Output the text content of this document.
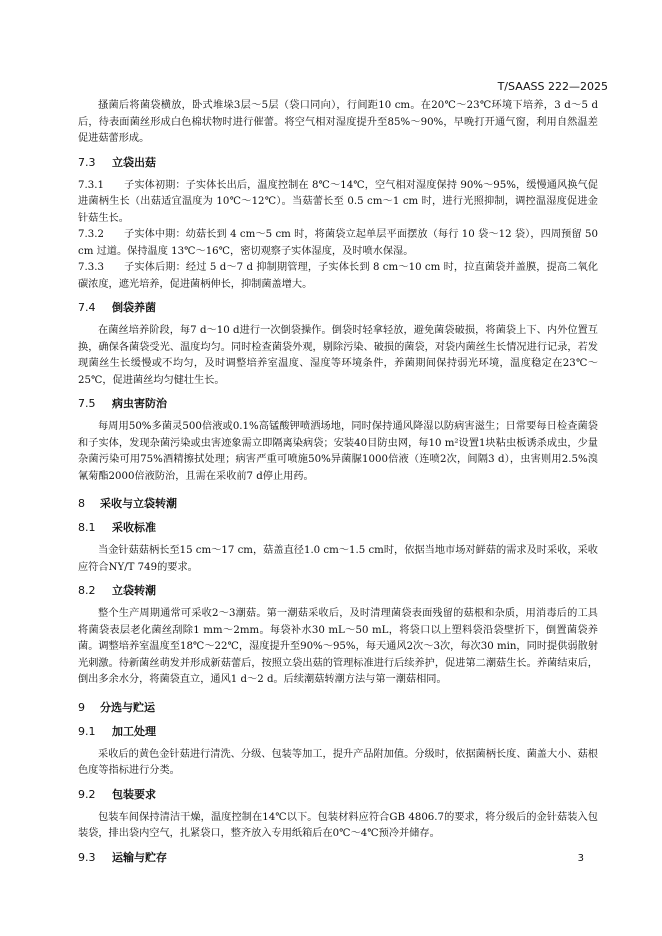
T/SAASS 222—2025

搔菌后将菌袋横放，卧式堆垛3层～5层（袋口同向），行间距10 cm。在20℃～23℃环境下培养，3 d～5 d后，待表面菌丝形成白色棉状物时进行催蕾。将空气相对湿度提升至85%～90%，早晚打开通气窗，利用自然温差促进菇蕾形成。

7.3 立袋出菇

7.3.1 子实体初期：子实体长出后，温度控制在 8℃～14℃，空气相对湿度保持 90%～95%，缓慢通风换气促进菌柄生长（出菇适宜温度为 10℃～12℃）。当菇蕾长至 0.5 cm～1 cm 时，进行光照抑制，调控温湿度促进金针菇生长。

7.3.2 子实体中期：幼菇长到 4 cm～5 cm 时，将菌袋立起单层平面摆放（每行 10 袋～12 袋），四周预留 50 cm 过道。保持温度 13℃～16℃，密切观察子实体湿度，及时喷水保湿。

7.3.3 子实体后期：经过 5 d～7 d 抑制期管理，子实体长到 8 cm～10 cm 时，拉直菌袋并盖膜，提高二氧化碳浓度，遮光培养，促进菌柄伸长，抑制菌盖增大。

7.4 倒袋养菌

在菌丝培养阶段，每7 d～10 d进行一次倒袋操作。倒袋时轻拿轻放，避免菌袋破损，将菌袋上下、内外位置互换，确保各菌袋受光、温度均匀。同时检查菌袋外观，剔除污染、破损的菌袋，对袋内菌丝生长情况进行记录，若发现菌丝生长缓慢或不均匀，及时调整培养室温度、湿度等环境条件，养菌期间保持弱光环境，温度稳定在23℃～25℃，促进菌丝均匀健壮生长。

7.5 病虫害防治

每周用50%多菌灵500倍液或0.1%高锰酸钾喷洒场地，同时保持通风降湿以防病害滋生；日常要每日检查菌袋和子实体，发现杂菌污染或虫害迹象需立即隔离染病袋；安装40目防虫网，每10 m²设置1块粘虫板诱杀成虫，少量杂菌污染可用75%酒精擦拭处理；病害严重可喷施50%异菌脲1000倍液（连喷2次，间隔3 d），虫害则用2.5%溴氰菊酯2000倍液防治，且需在采收前7 d停止用药。

8 采收与立袋转潮
8.1 采收标准

当金针菇菇柄长至15 cm～17 cm，菇盖直径1.0 cm～1.5 cm时，依据当地市场对鲜菇的需求及时采收，采收应符合NY/T 749的要求。

8.2 立袋转潮

整个生产周期通常可采收2～3潮菇。第一潮菇采收后，及时清理菌袋表面残留的菇根和杂质，用消毒后的工具将菌袋表层老化菌丝刮除1 mm～2mm。每袋补水30 mL～50 mL，将袋口以上塑料袋沿袋壁折下，倒置菌袋养菌。调整培养室温度至18℃～22℃，湿度提升至90%～95%，每天通风2次～3次，每次30 min，同时提供弱散射光刺激。待新菌丝萌发并形成新菇蕾后，按照立袋出菇的管理标准进行后续养护，促进第二潮菇生长。养菌结束后，倒出多余水分，将菌袋直立，通风1 d～2 d。后续潮菇转潮方法与第一潮菇相同。

9 分选与贮运
9.1 加工处理

采收后的黄色金针菇进行清洗、分级、包装等加工，提升产品附加值。分级时，依据菌柄长度、菌盖大小、菇根色度等指标进行分类。

9.2 包装要求

包装车间保持清洁干燥，温度控制在14℃以下。包装材料应符合GB 4806.7的要求，将分级后的金针菇装入包装袋，排出袋内空气，扎紧袋口，整齐放入专用纸箱后在0℃～4℃预冷并储存。

9.3 运输与贮存	3
